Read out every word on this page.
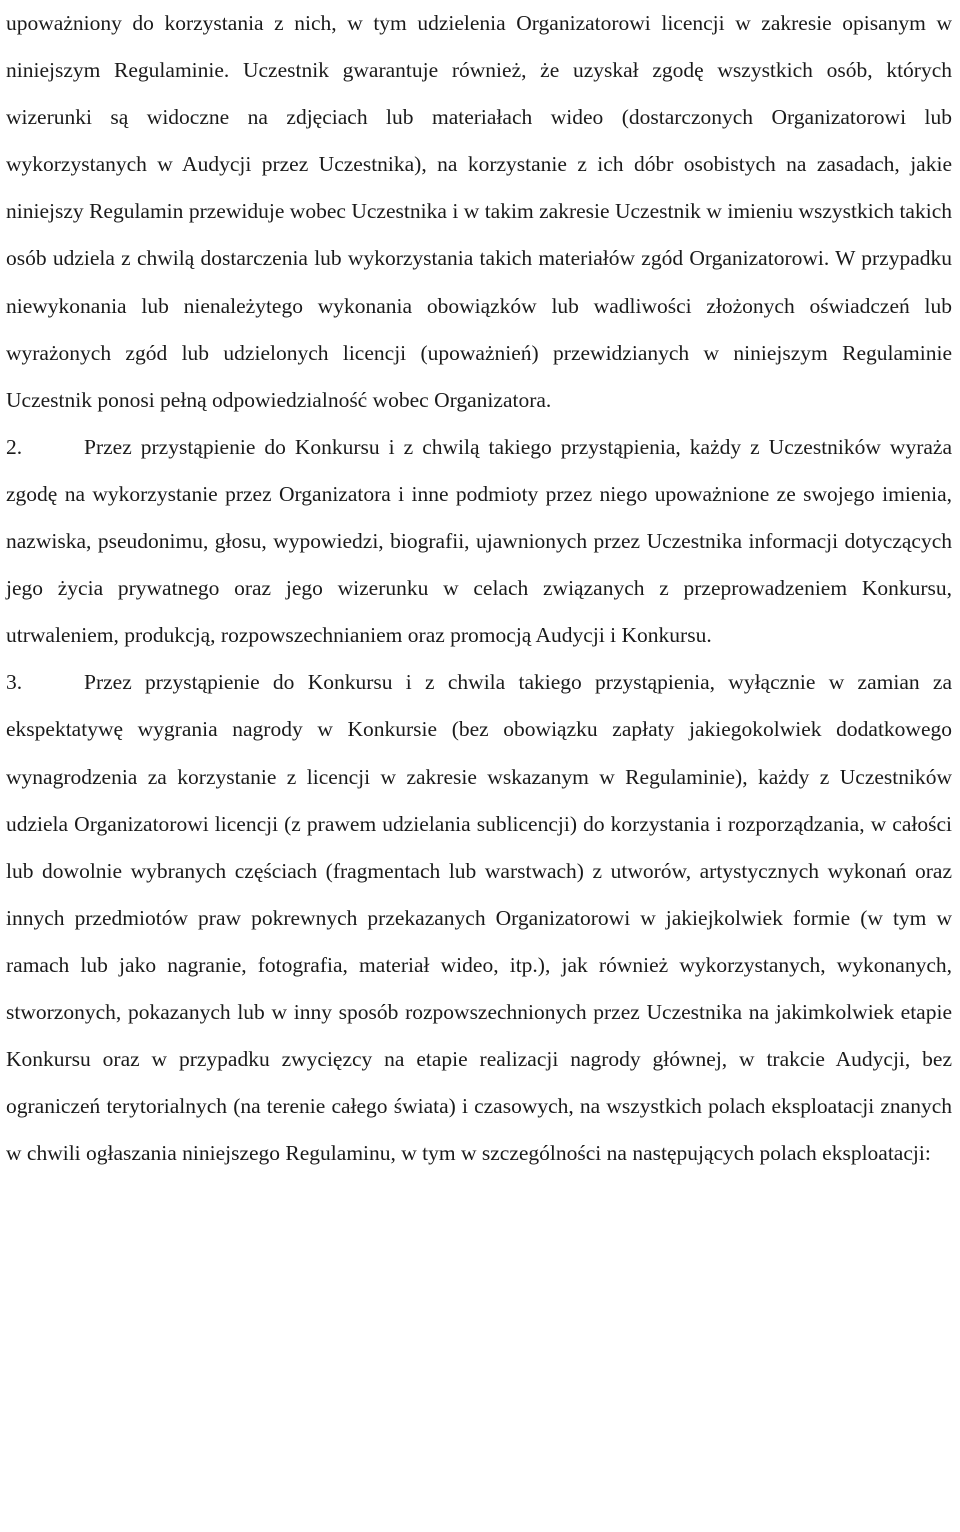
upoważniony do korzystania z nich, w tym udzielenia Organizatorowi licencji w zakresie opisanym w niniejszym Regulaminie. Uczestnik gwarantuje również, że uzyskał zgodę wszystkich osób, których wizerunki są widoczne na zdjęciach lub materiałach wideo (dostarczonych Organizatorowi lub wykorzystanych w Audycji przez Uczestnika), na korzystanie z ich dóbr osobistych na zasadach, jakie niniejszy Regulamin przewiduje wobec Uczestnika i w takim zakresie Uczestnik w imieniu wszystkich takich osób udziela z chwilą dostarczenia lub wykorzystania takich materiałów zgód Organizatorowi. W przypadku niewykonania lub nienależytego wykonania obowiązków lub wadliwości złożonych oświadczeń lub wyrażonych zgód lub udzielonych licencji (upoważnień) przewidzianych w niniejszym Regulaminie Uczestnik ponosi pełną odpowiedzialność wobec Organizatora.

2.	Przez przystąpienie do Konkursu i z chwilą takiego przystąpienia, każdy z Uczestników wyraża zgodę na wykorzystanie przez Organizatora i inne podmioty przez niego upoważnione ze swojego imienia, nazwiska, pseudonimu, głosu, wypowiedzi, biografii, ujawnionych przez Uczestnika informacji dotyczących jego życia prywatnego oraz jego wizerunku w celach związanych z przeprowadzeniem Konkursu, utrwaleniem, produkcją, rozpowszechnianiem oraz promocją Audycji i Konkursu.

3.	Przez przystąpienie do Konkursu i z chwila takiego przystąpienia, wyłącznie w zamian za ekspektatywę wygrania nagrody w Konkursie (bez obowiązku zapłaty jakiegokolwiek dodatkowego wynagrodzenia za korzystanie z licencji w zakresie wskazanym w Regulaminie), każdy z Uczestników udziela Organizatorowi licencji (z prawem udzielania sublicencji) do korzystania i rozporządzania, w całości lub dowolnie wybranych częściach (fragmentach lub warstwach) z utworów, artystycznych wykonań oraz innych przedmiotów praw pokrewnych przekazanych Organizatorowi w jakiejkolwiek formie (w tym w ramach lub jako nagranie, fotografia, materiał wideo, itp.), jak również wykorzystanych, wykonanych, stworzonych, pokazanych lub w inny sposób rozpowszechnionych przez Uczestnika na jakimkolwiek etapie Konkursu oraz w przypadku zwycięzcy na etapie realizacji nagrody głównej, w trakcie Audycji, bez ograniczeń terytorialnych (na terenie całego świata) i czasowych, na wszystkich polach eksploatacji znanych w chwili ogłaszania niniejszego Regulaminu, w tym w szczególności na następujących polach eksploatacji:
